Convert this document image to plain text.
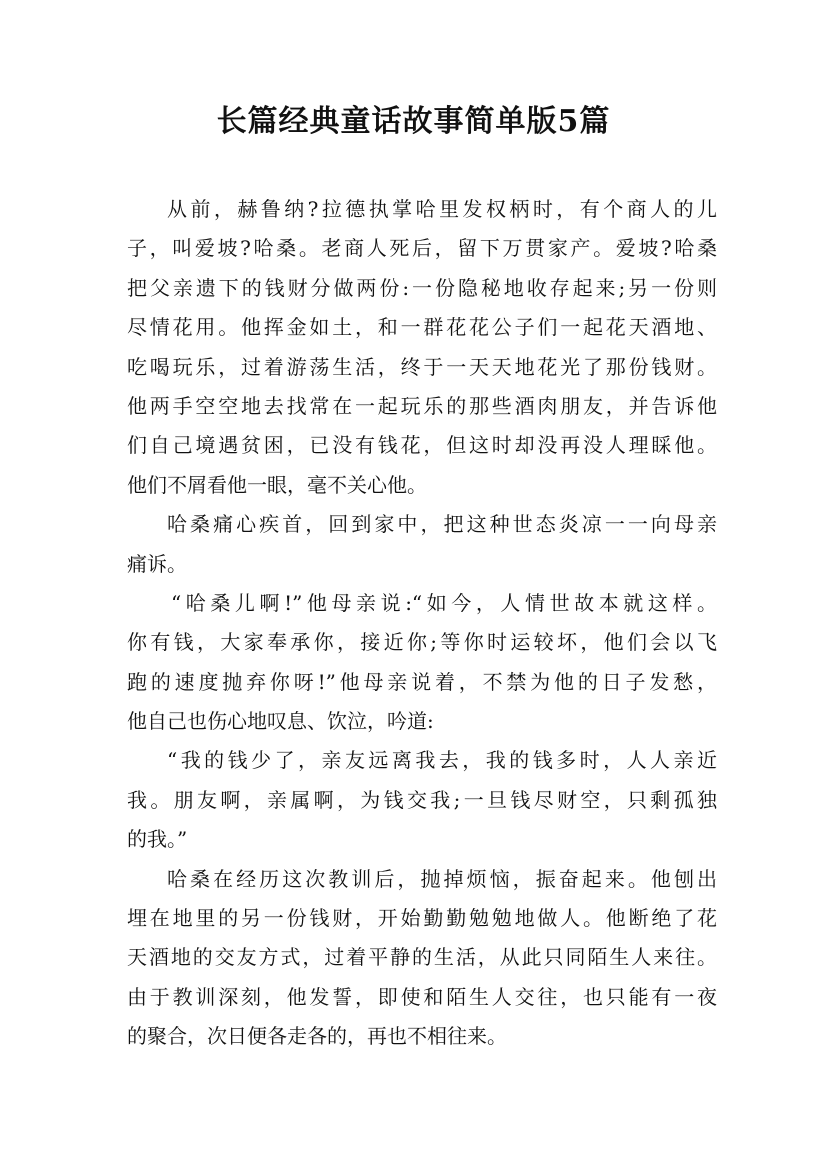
长篇经典童话故事简单版5篇
从前，赫鲁纳?拉德执掌哈里发权柄时，有个商人的儿
子，叫爱坡?哈桑。老商人死后，留下万贯家产。爱坡?哈桑
把父亲遗下的钱财分做两份:一份隐秘地收存起来;另一份则
尽情花用。他挥金如土，和一群花花公子们一起花天酒地、
吃喝玩乐，过着游荡生活，终于一天天地花光了那份钱财。
他两手空空地去找常在一起玩乐的那些酒肉朋友，并告诉他
们自己境遇贫困，已没有钱花，但这时却没再没人理睬他。
他们不屑看他一眼，毫不关心他。
哈桑痛心疾首，回到家中，把这种世态炎凉一一向母亲
痛诉。
“哈桑儿啊!”他母亲说:“如今，人情世故本就这样。
你有钱，大家奉承你，接近你;等你时运较坏，他们会以飞
跑的速度抛弃你呀!”他母亲说着，不禁为他的日子发愁，
他自己也伤心地叹息、饮泣，吟道:
“我的钱少了，亲友远离我去，我的钱多时，人人亲近
我。朋友啊，亲属啊，为钱交我;一旦钱尽财空，只剩孤独
的我。”
哈桑在经历这次教训后，抛掉烦恼，振奋起来。他刨出
埋在地里的另一份钱财，开始勤勤勉勉地做人。他断绝了花
天酒地的交友方式，过着平静的生活，从此只同陌生人来往。
由于教训深刻，他发誓，即使和陌生人交往，也只能有一夜
的聚合，次日便各走各的，再也不相往来。
